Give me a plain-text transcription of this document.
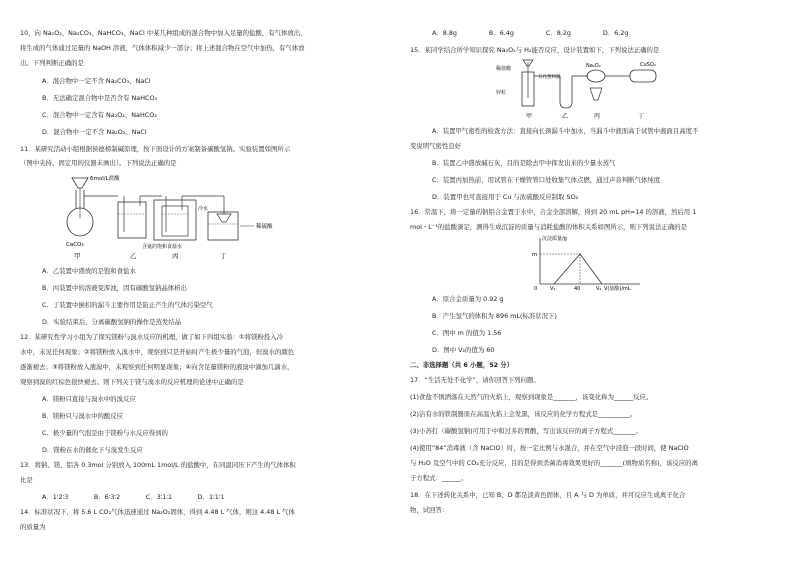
10，向 Na₂O₂、Na₂CO₃、NaHCO₃、NaCl 中某几种组成的混合物中加入足量的盐酸，有气体放出，
将生成的气体通过足量的 NaOH 溶液，气体体积减少一部分；将上述混合物在空气中加热，有气体放
出。下列判断正确的是
A．混合物中一定不含 Na₂CO₃、NaCl
B．无法确定混合物中是否含有 NaHCO₃
C．混合物中一定含有 Na₂O₂、NaHCO₃
D．混合物中一定不含 Na₂O₂、NaCl
11．某研究活动小组根据侯德榜制碱原理，按下面设计的方案制备碳酸氢钠。实验装置如图所示
（图中夹持、固定用的仪器未画出）。下列说法正确的是
6mol/L盐酸
CaCO₃
冷水
含氨的饱和食盐水
稀硫酸
甲	乙	丙	丁
A．乙装置中盛放的是饱和食盐水
B．丙装置中的溶液变浑浊，因有碳酸氢钠晶体析出
C．丁装置中倒扣的漏斗主要作用是防止产生的气体污染空气
D．实验结束后，分离碳酸氢钠的操作是蒸发结晶
12．某研究性学习小组为了探究镁粉与溴水反应的机理，做了如下四组实验：①将镁粉投入冷
水中，未见任何现象；②将镁粉放入溴水中，观察到只是开始时产生极少量的气泡，但溴水的颜色
逐渐褪去；③将镁粉放入液溴中，未观察到任何明显现象；④向含足量镁粉的液溴中滴加几滴水，
观察到溴的红棕色很快褪去。则下列关于镁与溴水的反应机理的论述中正确的是
A．镁粉只直接与溴水中的溴反应
B．镁粉只与溴水中的酸反应
C．极少量的气泡是由于镁粉与水反应得到的
D．镁粉在水的催化下与溴发生反应
13．将钠、镁、铝各 0.3mol 分别放入 100mL 1mol/L 的盐酸中，在同温同压下产生的气体体积
比是
A．1∶2∶3　　　　B．6∶3∶2　　　　C．3∶1∶1　　　　D．1∶1∶1
14．标准状况下，将 5.6 L CO₂气体迅速通过 Na₂O₂固体，得到 4.48 L 气体，则这 4.48 L 气体
的质量为
A．8.8g　　　　　B．6.4g　　　　　C．8.2g　　　　　D．6.2g
15．某同学结合所学知识探究 Na₂O₂与 H₂能否反应，设计装置如下，下列说法正确的是
稀盐酸
锌粒
有孔塑料板
Na₂O₂	CuSO₄
甲	乙	丙	丁
A．装置甲气密性的检查方法：直接向长颈漏斗中加水，当漏斗中液面高于试管中液面且高度不
变说明气密性良好
B．装置乙中盛放碱石灰，目的是除去甲中挥发出来的少量水蒸气
C．装置丙加热前，用试管在干燥管管口处收集气体点燃，通过声音判断气体纯度
D．装置甲也可直接用于 Cu 与浓硫酸反应制取 SO₂
16．常温下，将一定量的钠铝合金置于水中，合金全部溶解，得到 20 mL pH=14 的溶液，然后用 1
mol・L⁻¹的盐酸滴定，测得生成沉淀的质量与消耗盐酸的体积关系如图所示，则下列说法正确的是
沉淀质量/g
m
0	V₁	40	V₂ V(盐酸)/mL
A．原合金质量为 0.92 g
B．产生氢气的体积为 896 mL(标准状况下)
C．图中 m 的值为 1.56
D．图中 V₂的值为 60
二、非选择题（共 6 小题，52 分）
17．“生活无处不化学”，请你回答下列问题。
(1)食盐不慎洒落在天然气的火焰上，观察到现象是_______，该变化称为______反应。
(2)沾有水的铁制器皿在高温火焰上会发黑，该反应的化学方程式是__________。
(3)小苏打（碳酸氢钠)可用于中和过多的胃酸，写出该反应的离子方程式_______。
(4)使用“84”消毒液（含 NaClO）时，按一定比例与水混合，并在空气中浸泡一段时间，使 NaClO
与 H₂O 及空气中的 CO₂充分反应，目的是得到杀菌消毒效果更好的_______(填物质名称)，该反应的离
子方程式：______。
18．在下述转化关系中，已知 B、D 都是淡黄色固体，且 A 与 D 为单质，并可反应生成离子化合
物，试回答：
